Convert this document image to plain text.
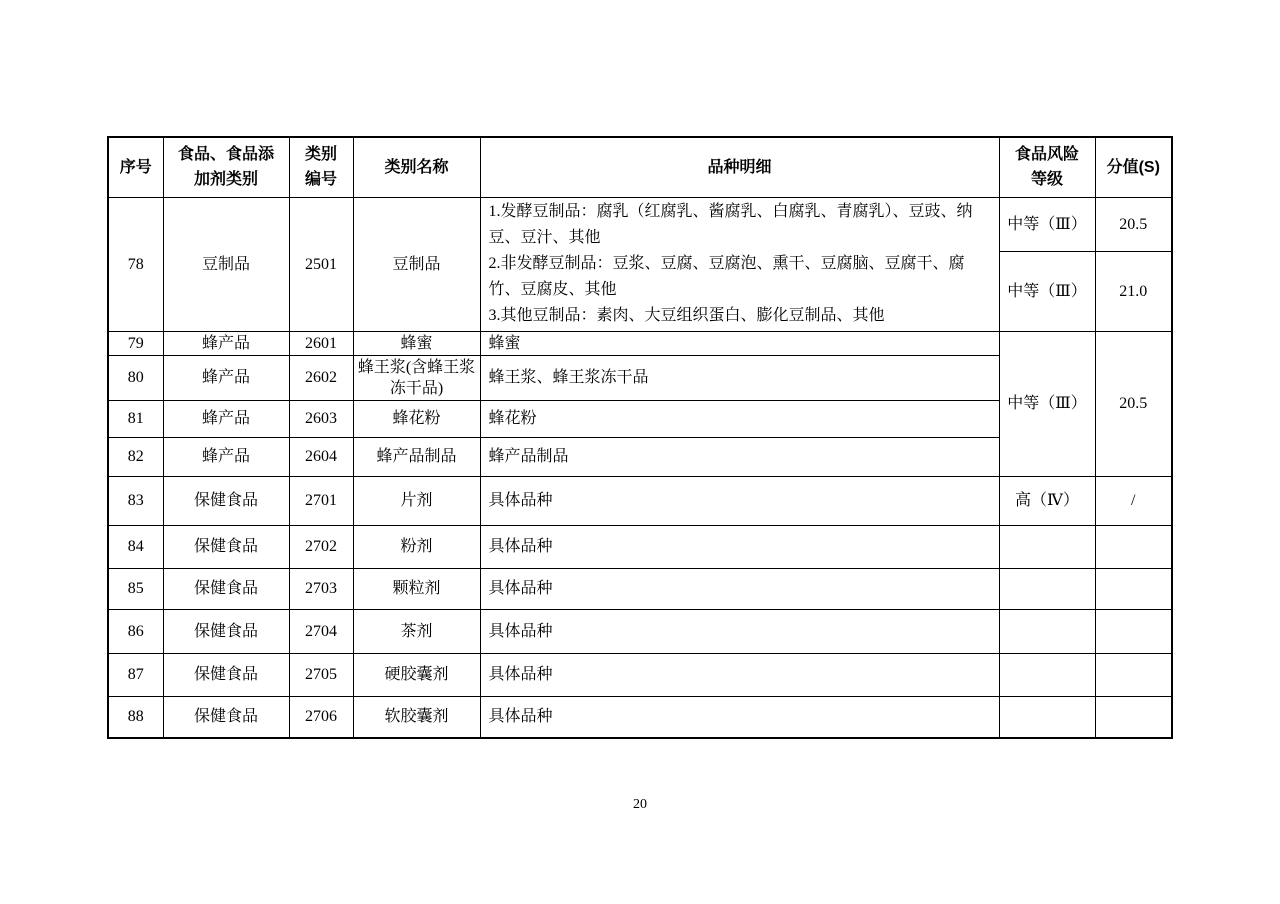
序号	食品、食品添加剂类别	类别编号	类别名称	品种明细	食品风险等级	分值(S)
78	豆制品	2501	豆制品	1.发酵豆制品：腐乳（红腐乳、酱腐乳、白腐乳、青腐乳）、豆豉、纳豆、豆汁、其他
2.非发酵豆制品：豆浆、豆腐、豆腐泡、熏干、豆腐脑、豆腐干、腐竹、豆腐皮、其他
3.其他豆制品：素肉、大豆组织蛋白、膨化豆制品、其他	中等（Ⅲ）	20.5
					中等（Ⅲ）	21.0
79	蜂产品	2601	蜂蜜	蜂蜜	中等（Ⅲ）	20.5
80	蜂产品	2602	蜂王浆(含蜂王浆冻干品)	蜂王浆、蜂王浆冻干品		
81	蜂产品	2603	蜂花粉	蜂花粉		
82	蜂产品	2604	蜂产品制品	蜂产品制品		
83	保健食品	2701	片剂	具体品种	高（Ⅳ）	/
84	保健食品	2702	粉剂	具体品种		
85	保健食品	2703	颗粒剂	具体品种		
86	保健食品	2704	茶剂	具体品种		
87	保健食品	2705	硬胶囊剂	具体品种		
88	保健食品	2706	软胶囊剂	具体品种		
20
